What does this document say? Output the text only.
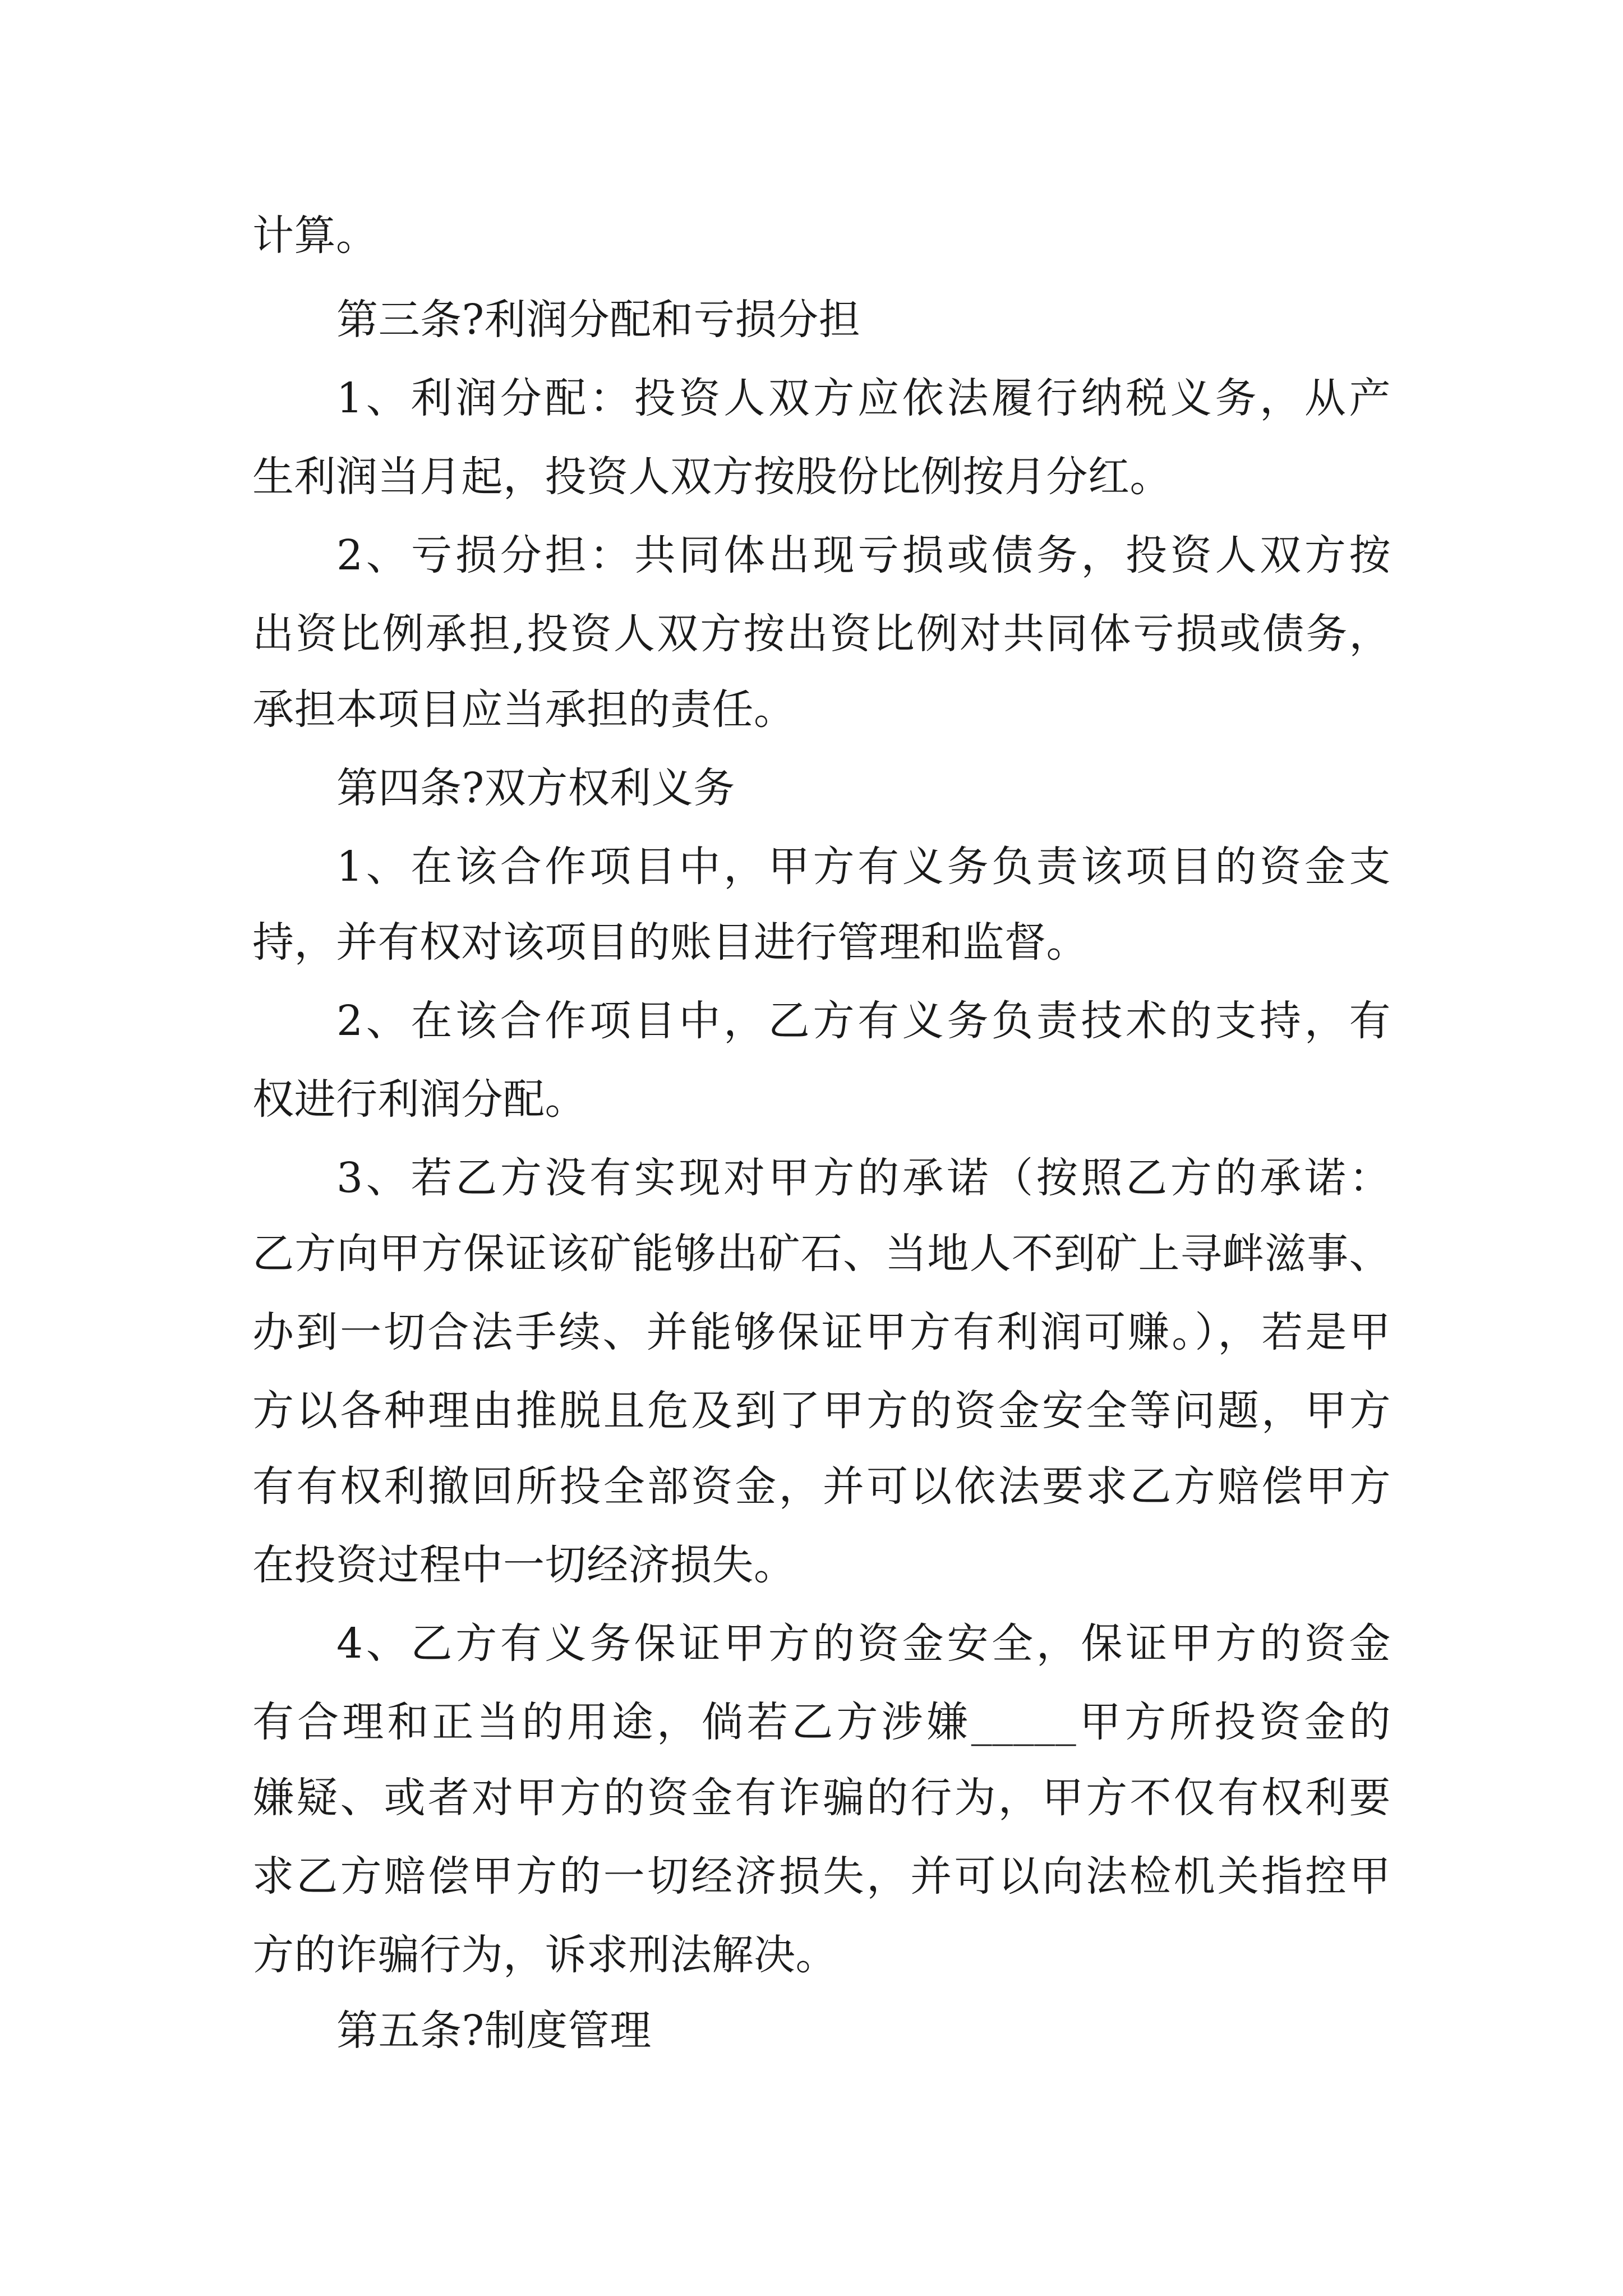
计算。
第三条?利润分配和亏损分担
1、利润分配：投资人双方应依法履行纳税义务，从产
生利润当月起，投资人双方按股份比例按月分红。
2、亏损分担：共同体出现亏损或债务，投资人双方按
出资比例承担,投资人双方按出资比例对共同体亏损或债务，
承担本项目应当承担的责任。
第四条?双方权利义务
1、在该合作项目中，甲方有义务负责该项目的资金支
持，并有权对该项目的账目进行管理和监督。
2、在该合作项目中，乙方有义务负责技术的支持，有
权进行利润分配。
3、若乙方没有实现对甲方的承诺（按照乙方的承诺：
乙方向甲方保证该矿能够出矿石、当地人不到矿上寻衅滋事、
办到一切合法手续、并能够保证甲方有利润可赚。），若是甲
方以各种理由推脱且危及到了甲方的资金安全等问题，甲方
有有权利撤回所投全部资金，并可以依法要求乙方赔偿甲方
在投资过程中一切经济损失。
4、乙方有义务保证甲方的资金安全，保证甲方的资金
有合理和正当的用途，倘若乙方涉嫌_____甲方所投资金的
嫌疑、或者对甲方的资金有诈骗的行为，甲方不仅有权利要
求乙方赔偿甲方的一切经济损失，并可以向法检机关指控甲
方的诈骗行为，诉求刑法解决。
第五条?制度管理
